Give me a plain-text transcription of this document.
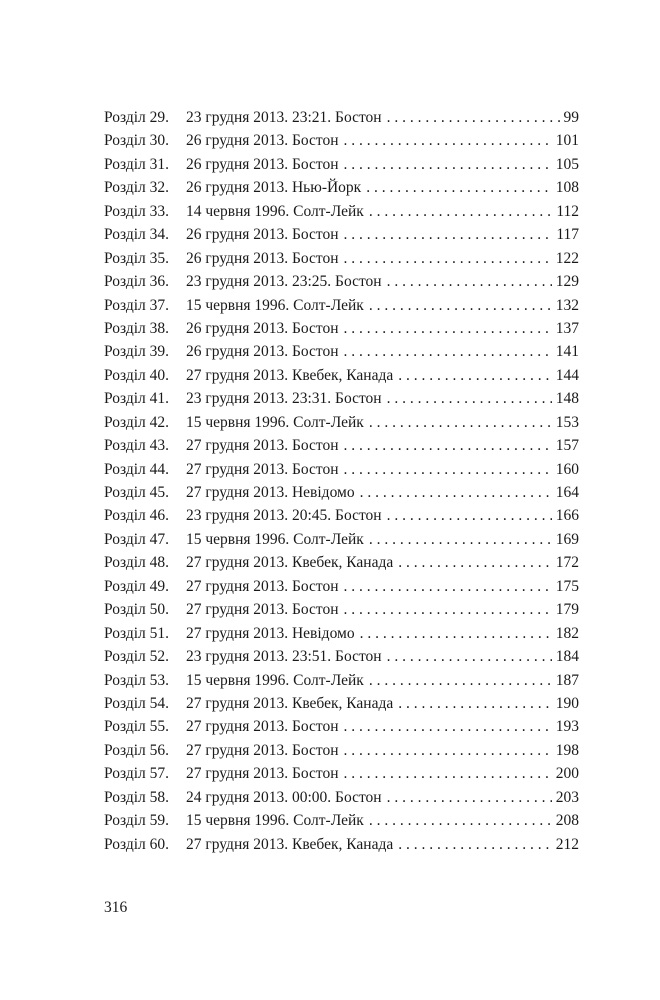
Розділ 29.	23 грудня 2013. 23:21. Бостон . . .	99
Розділ 30.	26 грудня 2013. Бостон . . .	101
Розділ 31.	26 грудня 2013. Бостон . . .	105
Розділ 32.	26 грудня 2013. Нью-Йорк . . .	108
Розділ 33.	14 червня 1996. Солт-Лейк . . .	112
Розділ 34.	26 грудня 2013. Бостон . . .	117
Розділ 35.	26 грудня 2013. Бостон . . .	122
Розділ 36.	23 грудня 2013. 23:25. Бостон . . .	129
Розділ 37.	15 червня 1996. Солт-Лейк . . .	132
Розділ 38.	26 грудня 2013. Бостон . . .	137
Розділ 39.	26 грудня 2013. Бостон . . .	141
Розділ 40.	27 грудня 2013. Квебек, Канада . . .	144
Розділ 41.	23 грудня 2013. 23:31. Бостон . . .	148
Розділ 42.	15 червня 1996. Солт-Лейк . . .	153
Розділ 43.	27 грудня 2013. Бостон . . .	157
Розділ 44.	27 грудня 2013. Бостон . . .	160
Розділ 45.	27 грудня 2013. Невідомо . . .	164
Розділ 46.	23 грудня 2013. 20:45. Бостон . . .	166
Розділ 47.	15 червня 1996. Солт-Лейк . . .	169
Розділ 48.	27 грудня 2013. Квебек, Канада . . .	172
Розділ 49.	27 грудня 2013. Бостон . . .	175
Розділ 50.	27 грудня 2013. Бостон . . .	179
Розділ 51.	27 грудня 2013. Невідомо . . .	182
Розділ 52.	23 грудня 2013. 23:51. Бостон . . .	184
Розділ 53.	15 червня 1996. Солт-Лейк . . .	187
Розділ 54.	27 грудня 2013. Квебек, Канада . . .	190
Розділ 55.	27 грудня 2013. Бостон . . .	193
Розділ 56.	27 грудня 2013. Бостон . . .	198
Розділ 57.	27 грудня 2013. Бостон . . .	200
Розділ 58.	24 грудня 2013. 00:00. Бостон . . .	203
Розділ 59.	15 червня 1996. Солт-Лейк . . .	208
Розділ 60.	27 грудня 2013. Квебек, Канада . . .	212
316
